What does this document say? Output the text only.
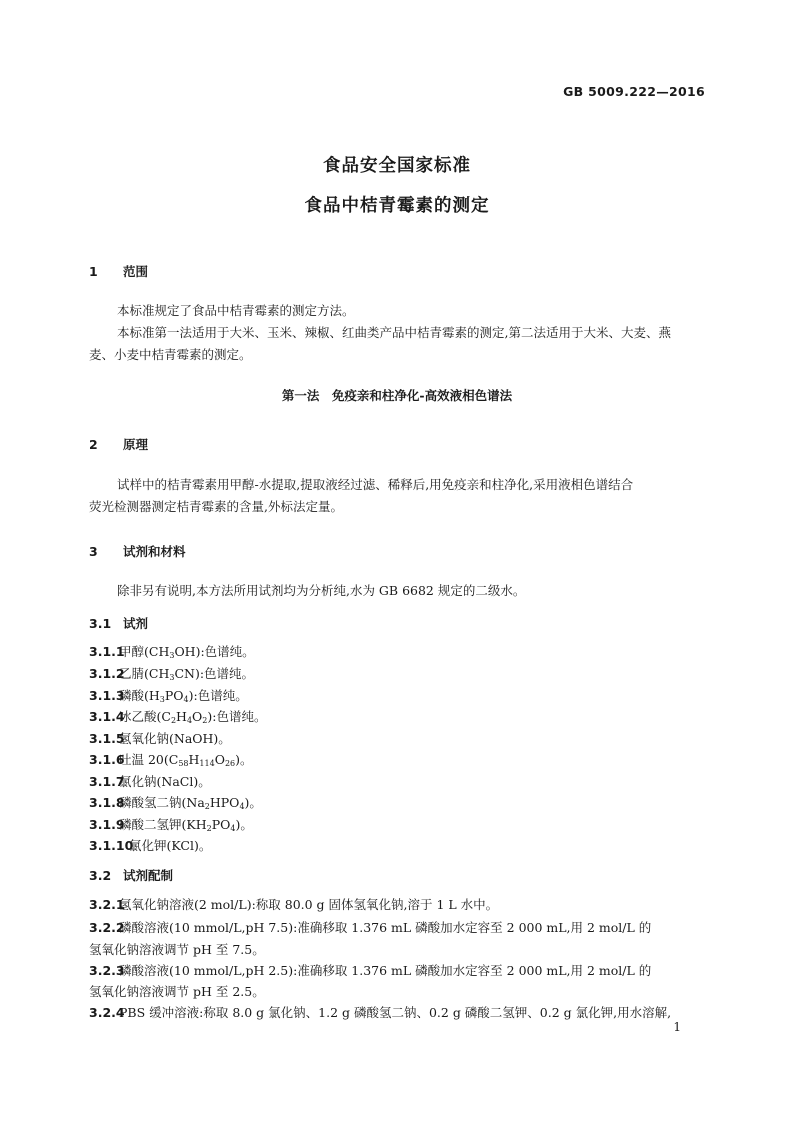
GB 5009.222—2016
食品安全国家标准
食品中桔青霉素的测定
1 范围
本标准规定了食品中桔青霉素的测定方法。
本标准第一法适用于大米、玉米、辣椒、红曲类产品中桔青霉素的测定,第二法适用于大米、大麦、燕
麦、小麦中桔青霉素的测定。
第一法　免疫亲和柱净化-高效液相色谱法
2 原理
试样中的桔青霉素用甲醇-水提取,提取液经过滤、稀释后,用免疫亲和柱净化,采用液相色谱结合
荧光检测器测定桔青霉素的含量,外标法定量。
3 试剂和材料
除非另有说明,本方法所用试剂均为分析纯,水为 GB 6682 规定的二级水。
3.1 试剂
3.1.1甲醇$(CH_3OH)$:色谱纯。
3.1.2乙腈$(CH_3CN)$:色谱纯。
3.1.3磷酸$(H_3PO_4)$:色谱纯。
3.1.4冰乙酸$(C_2H_4O_2)$:色谱纯。
3.1.5氢氧化钠(NaOH)。
3.1.6吐温 $20(C_{58}H_{114}O_{26})$。
3.1.7氯化钠(NaCl)。
3.1.8磷酸氢二钠$(Na_2HPO_4)$。
3.1.9磷酸二氢钾$(KH_2PO_4)$。
3.1.10氯化钾(KCl)。
3.2 试剂配制
3.2.1氢氧化钠溶液(2 mol/L):称取 80.0 g 固体氢氧化钠,溶于 1 L 水中。
3.2.2磷酸溶液(10 mmol/L,pH 7.5):准确移取 1.376 mL 磷酸加水定容至 2 000 mL,用 2 mol/L 的
氢氧化钠溶液调节 pH 至 7.5。
3.2.3磷酸溶液(10 mmol/L,pH 2.5):准确移取 1.376 mL 磷酸加水定容至 2 000 mL,用 2 mol/L 的
氢氧化钠溶液调节 pH 至 2.5。
3.2.4PBS 缓冲溶液:称取 8.0 g 氯化钠、1.2 g 磷酸氢二钠、0.2 g 磷酸二氢钾、0.2 g 氯化钾,用水溶解,
1
